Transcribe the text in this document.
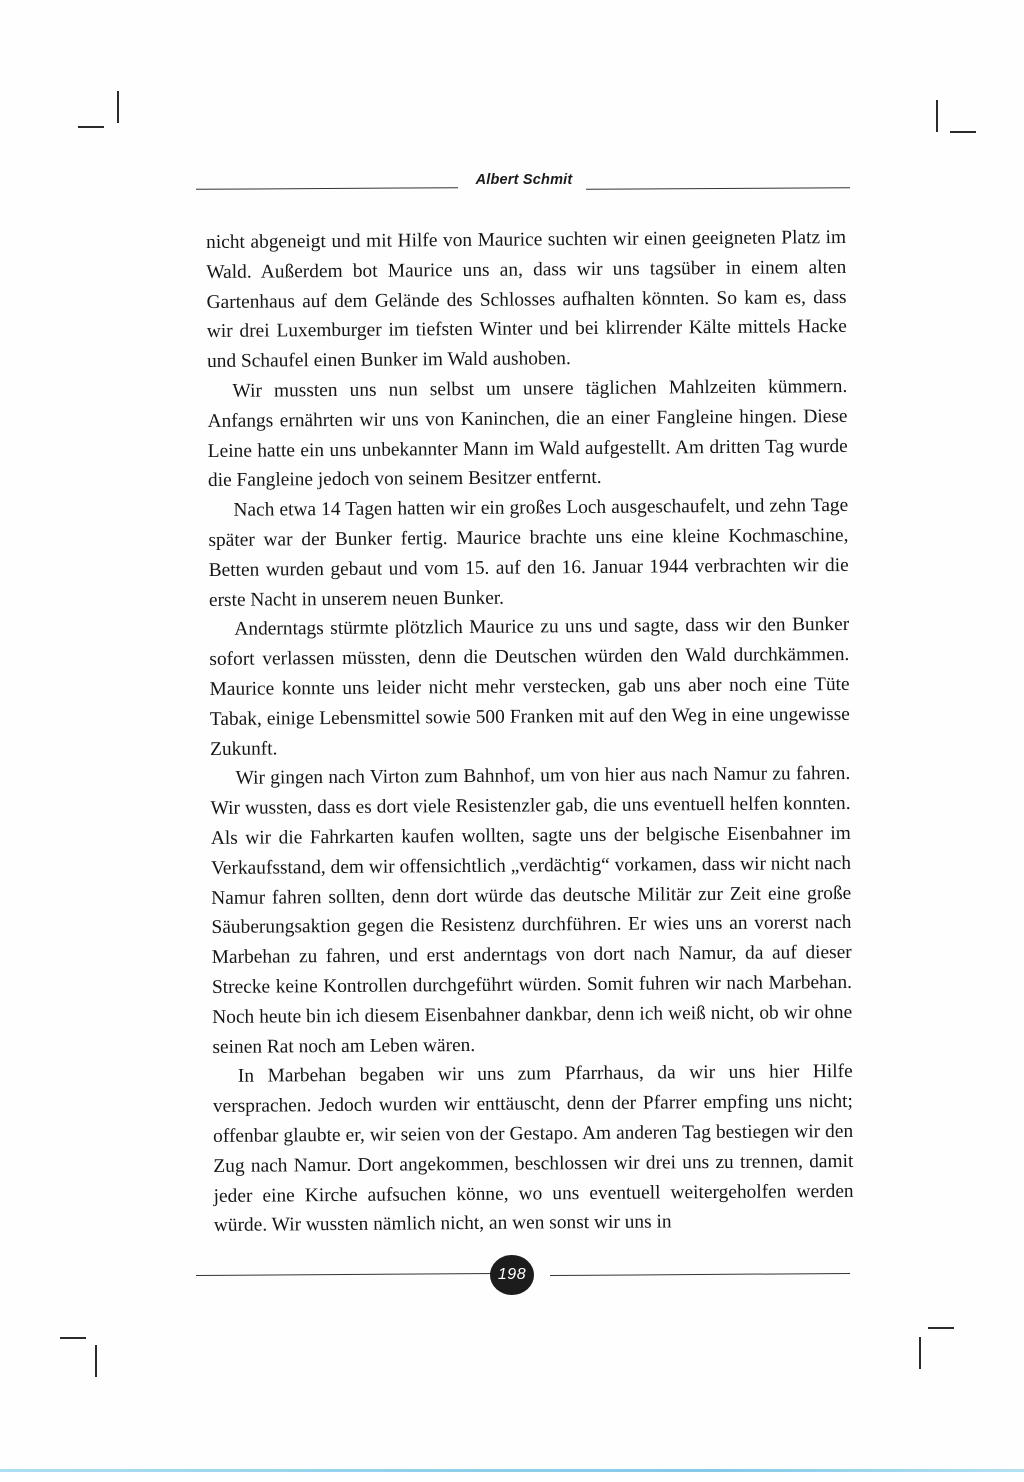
Albert Schmit

nicht abgeneigt und mit Hilfe von Maurice suchten wir einen geeigneten Platz im Wald. Außerdem bot Maurice uns an, dass wir uns tagsüber in einem alten Gartenhaus auf dem Gelände des Schlosses aufhalten könnten. So kam es, dass wir drei Luxemburger im tiefsten Winter und bei klirrender Kälte mittels Hacke und Schaufel einen Bunker im Wald aushoben.

Wir mussten uns nun selbst um unsere täglichen Mahlzeiten kümmern. Anfangs ernährten wir uns von Kaninchen, die an einer Fangleine hingen. Diese Leine hatte ein uns unbekannter Mann im Wald aufgestellt. Am dritten Tag wurde die Fangleine jedoch von seinem Besitzer entfernt.

Nach etwa 14 Tagen hatten wir ein großes Loch ausgeschaufelt, und zehn Tage später war der Bunker fertig. Maurice brachte uns eine kleine Kochmaschine, Betten wurden gebaut und vom 15. auf den 16. Januar 1944 verbrachten wir die erste Nacht in unserem neuen Bunker.

Anderntags stürmte plötzlich Maurice zu uns und sagte, dass wir den Bunker sofort verlassen müssten, denn die Deutschen würden den Wald durchkämmen. Maurice konnte uns leider nicht mehr verstecken, gab uns aber noch eine Tüte Tabak, einige Lebensmittel sowie 500 Franken mit auf den Weg in eine ungewisse Zukunft.

Wir gingen nach Virton zum Bahnhof, um von hier aus nach Namur zu fahren. Wir wussten, dass es dort viele Resistenzler gab, die uns eventuell helfen konnten. Als wir die Fahrkarten kaufen wollten, sagte uns der belgische Eisenbahner im Verkaufsstand, dem wir offensichtlich „verdächtig“ vorkamen, dass wir nicht nach Namur fahren sollten, denn dort würde das deutsche Militär zur Zeit eine große Säuberungsaktion gegen die Resistenz durchführen. Er wies uns an vorerst nach Marbehan zu fahren, und erst anderntags von dort nach Namur, da auf dieser Strecke keine Kontrollen durchgeführt würden. Somit fuhren wir nach Marbehan. Noch heute bin ich diesem Eisenbahner dankbar, denn ich weiß nicht, ob wir ohne seinen Rat noch am Leben wären.

In Marbehan begaben wir uns zum Pfarrhaus, da wir uns hier Hilfe versprachen. Jedoch wurden wir enttäuscht, denn der Pfarrer empfing uns nicht; offenbar glaubte er, wir seien von der Gestapo. Am anderen Tag bestiegen wir den Zug nach Namur. Dort angekommen, beschlossen wir drei uns zu trennen, damit jeder eine Kirche aufsuchen könne, wo uns eventuell weitergeholfen werden würde. Wir wussten nämlich nicht, an wen sonst wir uns in

198
